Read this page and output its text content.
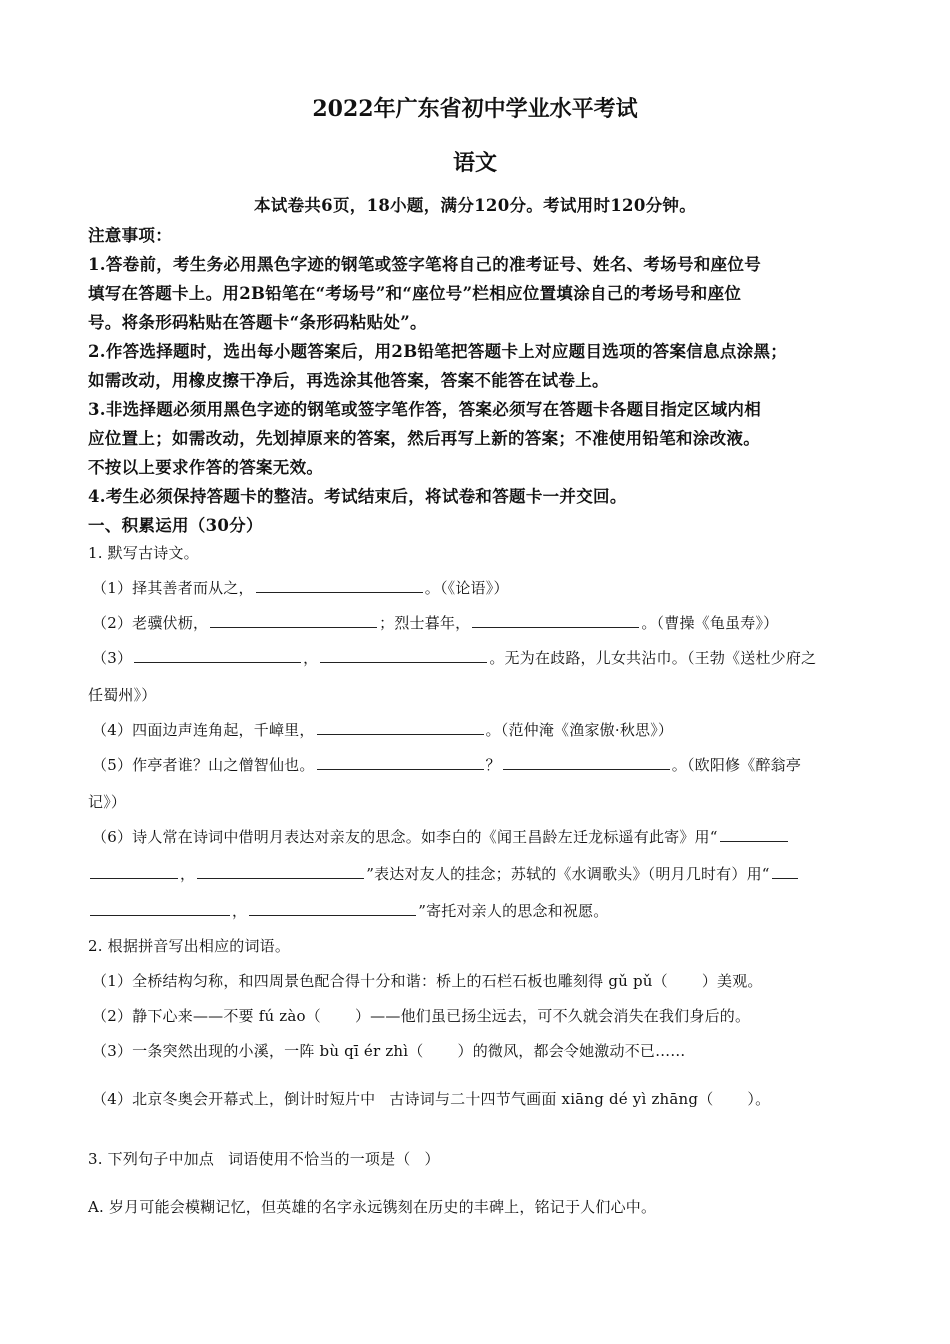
2022年广东省初中学业水平考试
语文
本试卷共6页，18小题，满分120分。考试用时120分钟。
注意事项：
1.答卷前，考生务必用黑色字迹的钢笔或签字笔将自己的准考证号、姓名、考场号和座位号
填写在答题卡上。用2B铅笔在“考场号”和“座位号”栏相应位置填涂自己的考场号和座位
号。将条形码粘贴在答题卡“条形码粘贴处”。
2.作答选择题时，选出每小题答案后，用2B铅笔把答题卡上对应题目选项的答案信息点涂黑；
如需改动，用橡皮擦干净后，再选涂其他答案，答案不能答在试卷上。
3.非选择题必须用黑色字迹的钢笔或签字笔作答，答案必须写在答题卡各题目指定区域内相
应位置上；如需改动，先划掉原来的答案，然后再写上新的答案；不准使用铅笔和涂改液。
不按以上要求作答的答案无效。
4.考生必须保持答题卡的整洁。考试结束后，将试卷和答题卡一并交回。
一、积累运用（30分）
1. 默写古诗文。
（1）择其善者而从之，	。（《论语》）
（2）老骥伏枥，	；烈士暮年，	。（曹操《龟虽寿》）
（3）	，	。无为在歧路，儿女共沾巾。（王勃《送杜少府之
任蜀州》）
（4）四面边声连角起，千嶂里，	。（范仲淹《渔家傲·秋思》）
（5）作亭者谁？山之僧智仙也。	？	。（欧阳修《醉翁亭
记》）
（6）诗人常在诗词中借明月表达对亲友的思念。如李白的《闻王昌龄左迁龙标遥有此寄》用“
，	”表达对友人的挂念；苏轼的《水调歌头》（明月几时有）用“
，	”寄托对亲人的思念和祝愿。
2. 根据拼音写出相应的词语。
（1）全桥结构匀称，和四周景色配合得十分和谐：桥上的石栏石板也雕刻得 gǔ pǔ（ ）美观。
（2）静下心来——不要 fú zào（ ）——他们虽已扬尘远去，可不久就会消失在我们身后的。
（3）一条突然出现的小溪，一阵 bù qī ér zhì（ ）的微风，都会令她激动不已……
（4）北京冬奥会开幕式上，倒计时短片中 古诗词与二十四节气画面 xiāng dé yì zhāng（ ）。
3. 下列句子中加点 词语使用不恰当的一项是（ ）
A. 岁月可能会模糊记忆，但英雄的名字永远镌刻在历史的丰碑上，铭记于人们心中。
